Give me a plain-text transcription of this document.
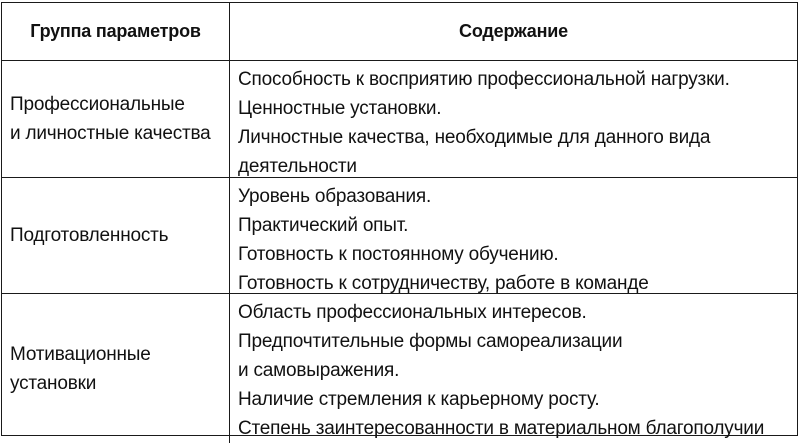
Группа параметров	Содержание
Профессиональные
и личностные качества
Способность к восприятию профессиональной нагрузки.
Ценностные установки.
Личностные качества, необходимые для данного вида
деятельности
Подготовленность
Уровень образования.
Практический опыт.
Готовность к постоянному обучению.
Готовность к сотрудничеству, работе в команде
Мотивационные
установки
Область профессиональных интересов.
Предпочтительные формы самореализации
и самовыражения.
Наличие стремления к карьерному росту.
Степень заинтересованности в материальном благополучии
